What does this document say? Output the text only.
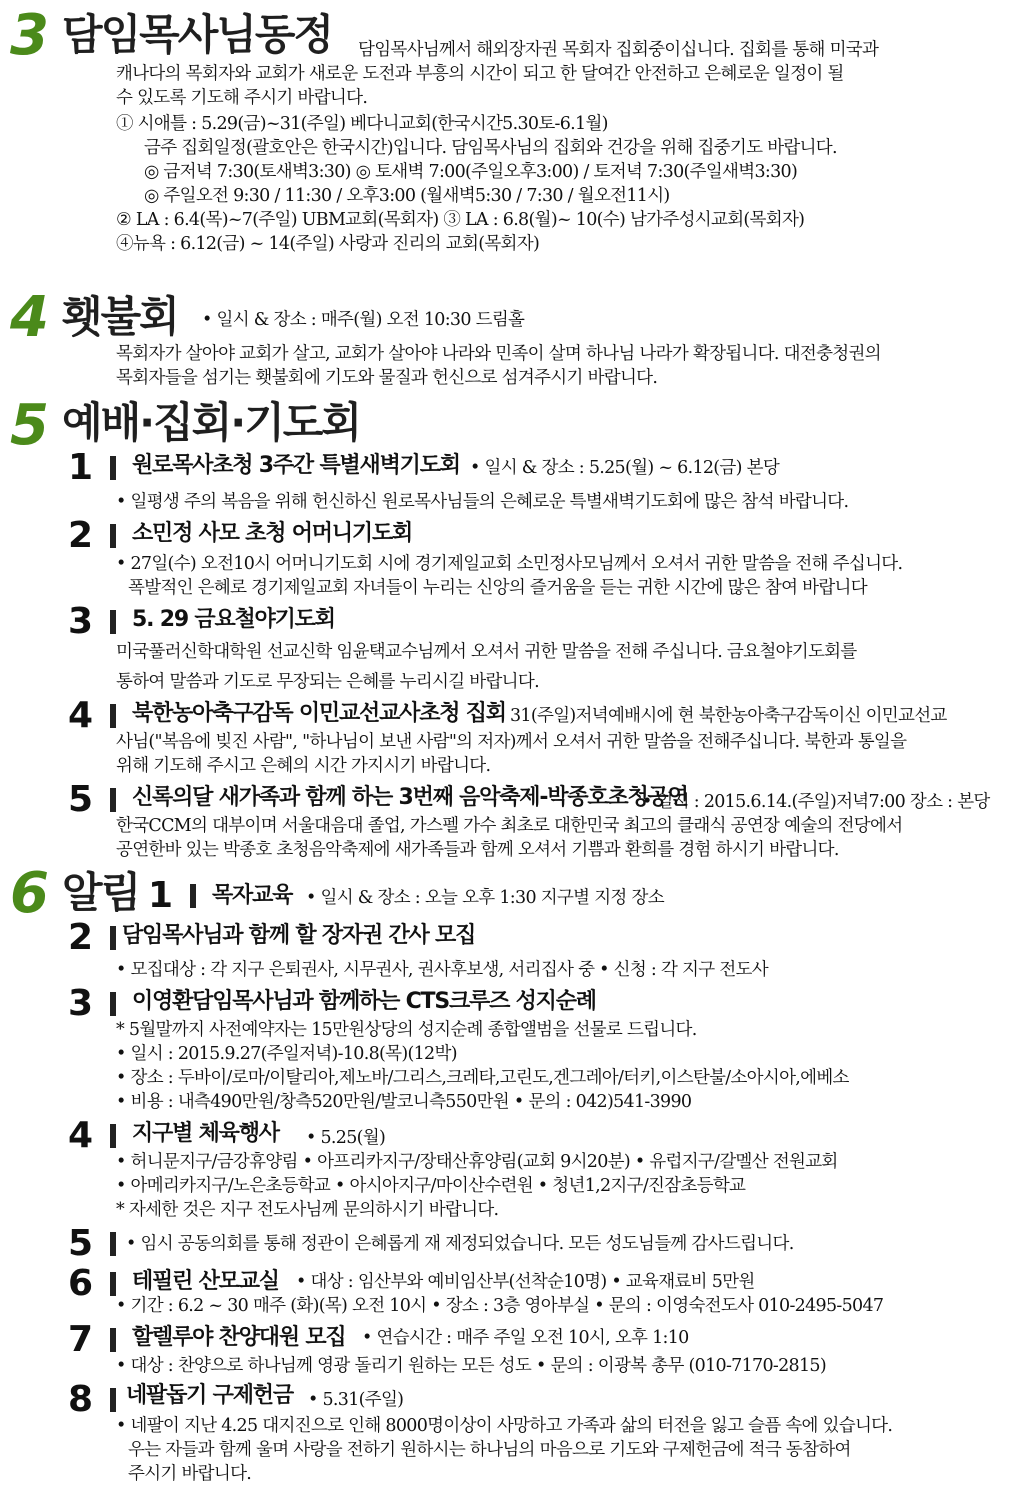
3 담임목사님동정 담임목사님께서 해외장자권 목회자 집회중이십니다. 집회를 통해 미국과
캐나다의 목회자와 교회가 새로운 도전과 부흥의 시간이 되고 한 달여간 안전하고 은혜로운 일정이 될
수 있도록 기도해 주시기 바랍니다.
① 시애틀 : 5.29(금)~31(주일) 베다니교회(한국시간5.30토-6.1월)
금주 집회일정(괄호안은 한국시간)입니다. 담임목사님의 집회와 건강을 위해 집중기도 바랍니다.
◎ 금저녁 7:30(토새벽3:30) ◎ 토새벽 7:00(주일오후3:00) / 토저녁 7:30(주일새벽3:30)
◎ 주일오전 9:30 / 11:30 / 오후3:00 (월새벽5:30 / 7:30 / 월오전11시)
② LA : 6.4(목)~7(주일) UBM교회(목회자) ③ LA : 6.8(월)~ 10(수) 남가주성시교회(목회자)
④뉴욕 : 6.12(금) ~ 14(주일) 사랑과 진리의 교회(목회자)
4 횃불회 • 일시 & 장소 : 매주(월) 오전 10:30 드림홀
목회자가 살아야 교회가 살고, 교회가 살아야 나라와 민족이 살며 하나님 나라가 확장됩니다. 대전충청권의
목회자들을 섬기는 횃불회에 기도와 물질과 헌신으로 섬겨주시기 바랍니다.
5 예배·집회·기도회
1 원로목사초청 3주간 특별새벽기도회 • 일시 & 장소 : 5.25(월) ~ 6.12(금) 본당
• 일평생 주의 복음을 위해 헌신하신 원로목사님들의 은혜로운 특별새벽기도회에 많은 참석 바랍니다.
2 소민정 사모 초청 어머니기도회
• 27일(수) 오전10시 어머니기도회 시에 경기제일교회 소민정사모님께서 오셔서 귀한 말씀을 전해 주십니다.
폭발적인 은혜로 경기제일교회 자녀들이 누리는 신앙의 즐거움을 듣는 귀한 시간에 많은 참여 바랍니다
3 5. 29 금요철야기도회
미국풀러신학대학원 선교신학 임윤택교수님께서 오셔서 귀한 말씀을 전해 주십니다. 금요철야기도회를
통하여 말씀과 기도로 무장되는 은혜를 누리시길 바랍니다.
4 북한농아축구감독 이민교선교사초청 집회 31(주일)저녁예배시에 현 북한농아축구감독이신 이민교선교
사님("복음에 빚진 사람", "하나님이 보낸 사람"의 저자)께서 오셔서 귀한 말씀을 전해주십니다. 북한과 통일을
위해 기도해 주시고 은혜의 시간 가지시기 바랍니다.
5 신록의달 새가족과 함께 하는 3번째 음악축제-박종호초청공연
• 일시 : 2015.6.14.(주일)저녁7:00 장소 : 본당
한국CCM의 대부이며 서울대음대 졸업, 가스펠 가수 최초로 대한민국 최고의 클래식 공연장 예술의 전당에서
공연한바 있는 박종호 초청음악축제에 새가족들과 함께 오셔서 기쁨과 환희를 경험 하시기 바랍니다.
6 알림 1 목자교육 • 일시 & 장소 : 오늘 오후 1:30 지구별 지정 장소
2 담임목사님과 함께 할 장자권 간사 모집
• 모집대상 : 각 지구 은퇴권사, 시무권사, 권사후보생, 서리집사 중 • 신청 : 각 지구 전도사
3 이영환담임목사님과 함께하는 CTS크루즈 성지순례
* 5월말까지 사전예약자는 15만원상당의 성지순례 종합앨범을 선물로 드립니다.
• 일시 : 2015.9.27(주일저녁)-10.8(목)(12박)
• 장소 : 두바이/로마/이탈리아,제노바/그리스,크레타,고린도,겐그레아/터키,이스탄불/소아시아,에베소
• 비용 : 내측490만원/창측520만원/발코니측550만원 • 문의 : 042)541-3990
4 지구별 체육행사 • 5.25(월)
• 허니문지구/금강휴양림 • 아프리카지구/장태산휴양림(교회 9시20분) • 유럽지구/갈멜산 전원교회
• 아메리카지구/노은초등학교 • 아시아지구/마이산수련원 • 청년1,2지구/진잠초등학교
* 자세한 것은 지구 전도사님께 문의하시기 바랍니다.
5 • 임시 공동의회를 통해 정관이 은혜롭게 재 제정되었습니다. 모든 성도님들께 감사드립니다.
6 테필린 산모교실 • 대상 : 임산부와 예비임산부(선착순10명) • 교육재료비 5만원
• 기간 : 6.2 ~ 30 매주 (화)(목) 오전 10시 • 장소 : 3층 영아부실 • 문의 : 이영숙전도사 010-2495-5047
7 할렐루야 찬양대원 모집 • 연습시간 : 매주 주일 오전 10시, 오후 1:10
• 대상 : 찬양으로 하나님께 영광 돌리기 원하는 모든 성도 • 문의 : 이광복 총무 (010-7170-2815)
8 네팔돕기 구제헌금 • 5.31(주일)
• 네팔이 지난 4.25 대지진으로 인해 8000명이상이 사망하고 가족과 삶의 터전을 잃고 슬픔 속에 있습니다.
우는 자들과 함께 울며 사랑을 전하기 원하시는 하나님의 마음으로 기도와 구제헌금에 적극 동참하여
주시기 바랍니다.
